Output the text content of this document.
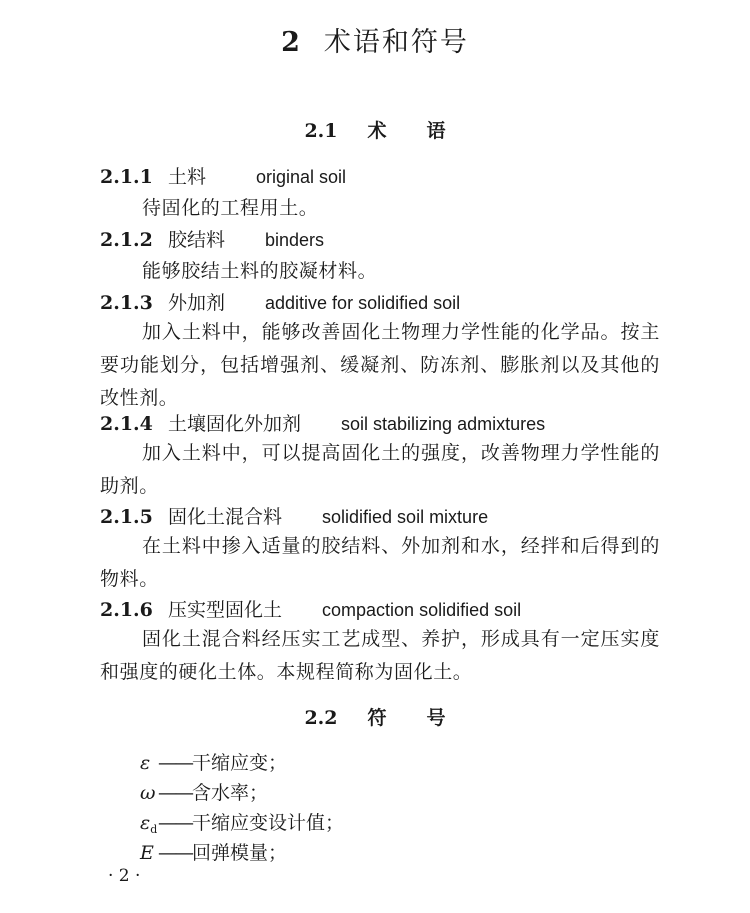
2 术语和符号
2.1 术 语
2.1.1 土料	original soil
待固化的工程用土。
2.1.2 胶结料 binders
能够胶结土料的胶凝材料。
2.1.3 外加剂 additive for solidified soil
加入土料中，能够改善固化土物理力学性能的化学品。按主要功能划分，包括增强剂、缓凝剂、防冻剂、膨胀剂以及其他的改性剂。
2.1.4 土壤固化外加剂 soil stabilizing admixtures
加入土料中，可以提高固化土的强度，改善物理力学性能的助剂。
2.1.5 固化土混合料 solidified soil mixture
在土料中掺入适量的胶结料、外加剂和水，经拌和后得到的物料。
2.1.6 压实型固化土 compaction solidified soil
固化土混合料经压实工艺成型、养护，形成具有一定压实度和强度的硬化土体。本规程简称为固化土。
2.2 符 号
ε ——干缩应变；
ω ——含水率；
$\varepsilon_d——$干缩应变设计值；
E ——回弹模量；
· 2 ·
